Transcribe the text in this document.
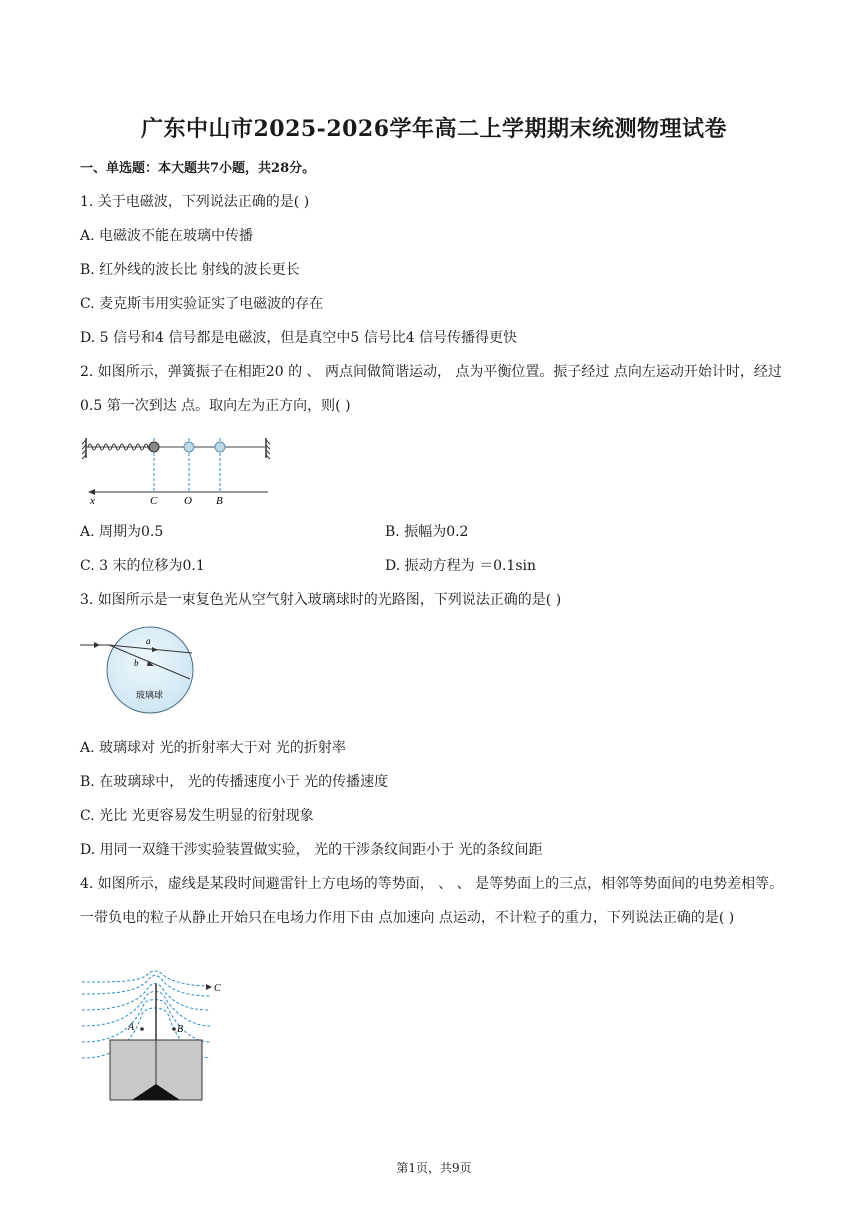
广东中山市2025-2026学年高二上学期期末统测物理试卷
一、单选题：本大题共7小题，共28分。
1. 关于电磁波，下列说法正确的是( )
A. 电磁波不能在玻璃中传播
B. 红外线的波长比 射线的波长更长
C. 麦克斯韦用实验证实了电磁波的存在
D. 5 信号和4 信号都是电磁波，但是真空中5 信号比4 信号传播得更快
2. 如图所示，弹簧振子在相距20 的 、 两点间做简谐运动， 点为平衡位置。振子经过 点向左运动开始计时，经过0.5 第一次到达 点。取向左为正方向，则( )
x	C O B
A. 周期为0.5	B. 振幅为0.2
C. 3 末的位移为0.1	D. 振动方程为 ＝0.1sin
3. 如图所示是一束复色光从空气射入玻璃球时的光路图，下列说法正确的是( )
a
b
玻璃球
A. 玻璃球对 光的折射率大于对 光的折射率
B. 在玻璃球中， 光的传播速度小于 光的传播速度
C. 光比 光更容易发生明显的衍射现象
D. 用同一双缝干涉实验装置做实验， 光的干涉条纹间距小于 光的条纹间距
4. 如图所示，虚线是某段时间避雷针上方电场的等势面， 、 、 是等势面上的三点，相邻等势面间的电势差相等。一带负电的粒子从静止开始只在电场力作用下由 点加速向 点运动，不计粒子的重力，下列说法正确的是( )
C
A	B
第1页，共9页
